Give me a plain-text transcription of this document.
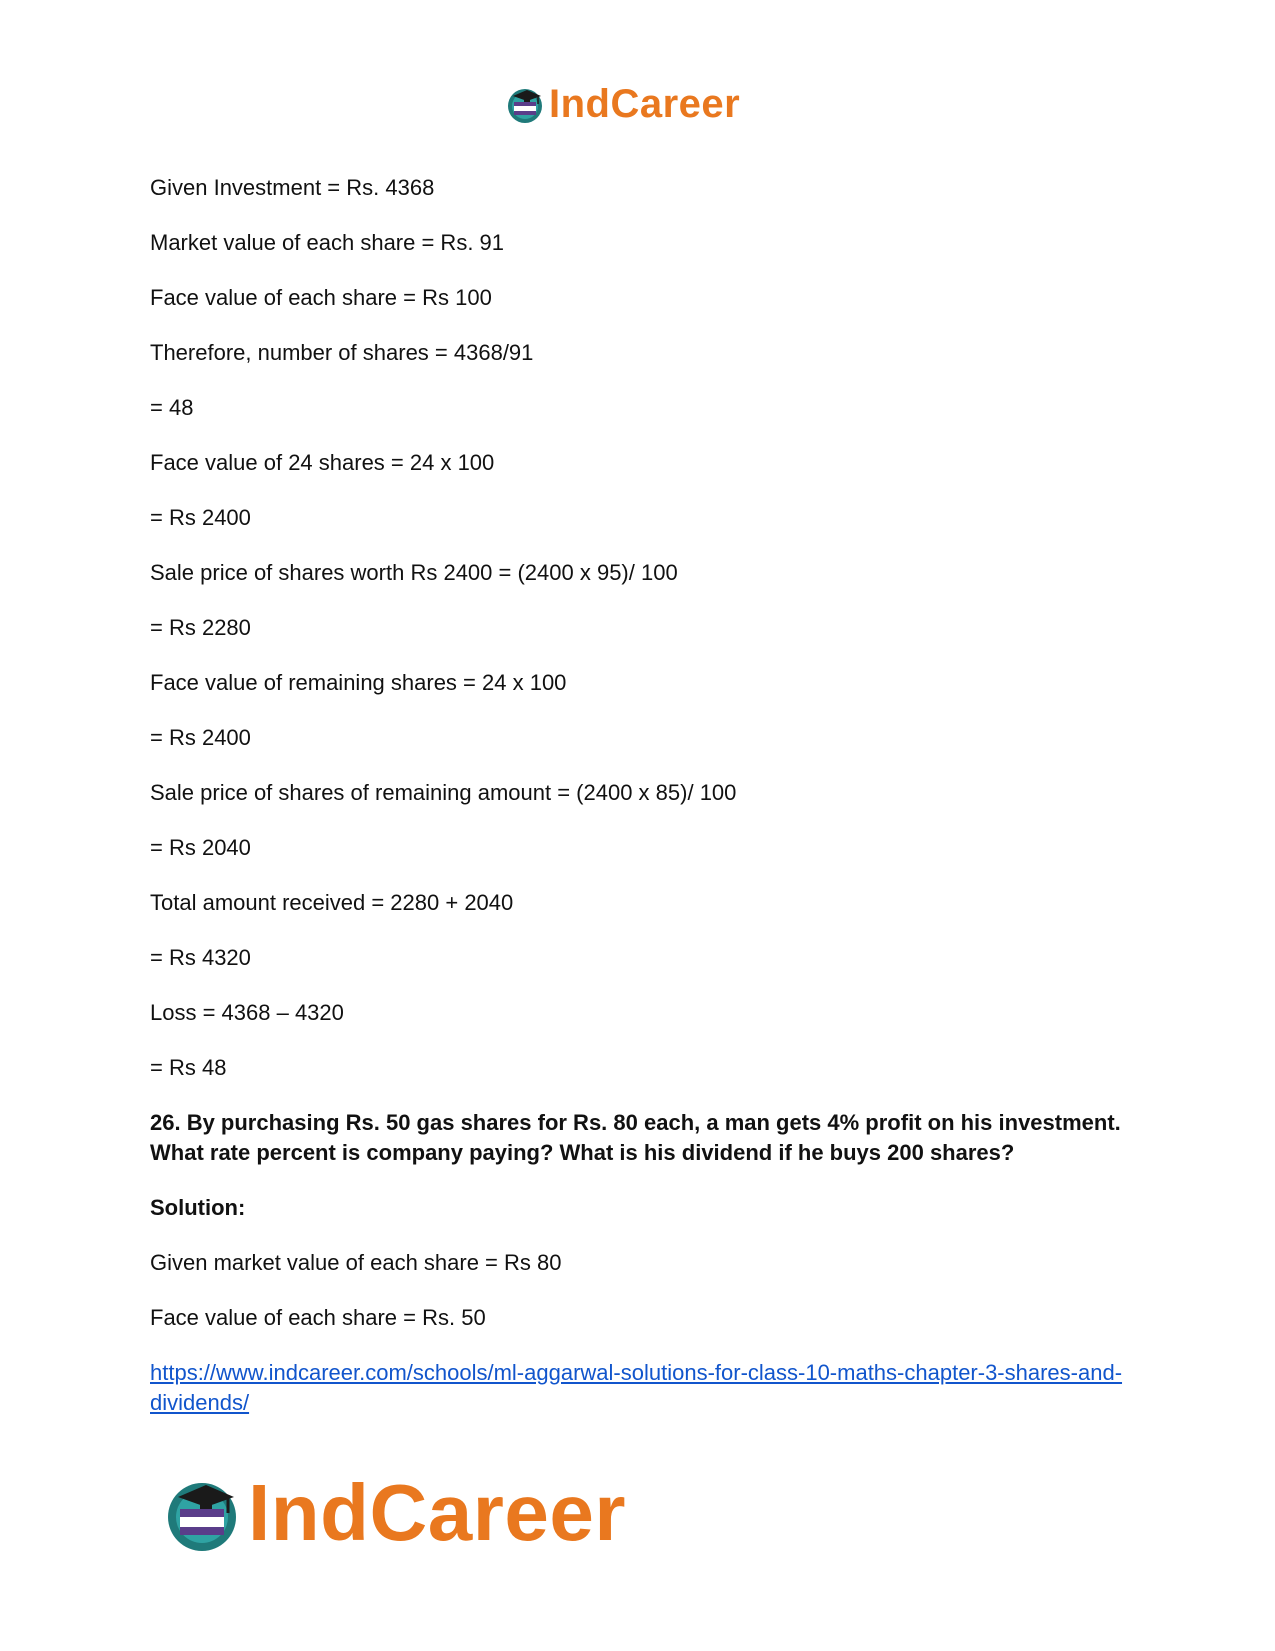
IndCareer
Given Investment = Rs. 4368
Market value of each share = Rs. 91
Face value of each share = Rs 100
Therefore, number of shares = 4368/91
= 48
Face value of 24 shares = 24 x 100
= Rs 2400
Sale price of shares worth Rs 2400 = (2400 x 95)/ 100
= Rs 2280
Face value of remaining shares = 24 x 100
= Rs 2400
Sale price of shares of remaining amount = (2400 x 85)/ 100
= Rs 2040
Total amount received = 2280 + 2040
= Rs 4320
Loss = 4368 – 4320
= Rs 48
26. By purchasing Rs. 50 gas shares for Rs. 80 each, a man gets 4% profit on his investment. What rate percent is company paying? What is his dividend if he buys 200 shares?
Solution:
Given market value of each share = Rs 80
Face value of each share = Rs. 50
https://www.indcareer.com/schools/ml-aggarwal-solutions-for-class-10-maths-chapter-3-shares-and-dividends/
IndCareer
